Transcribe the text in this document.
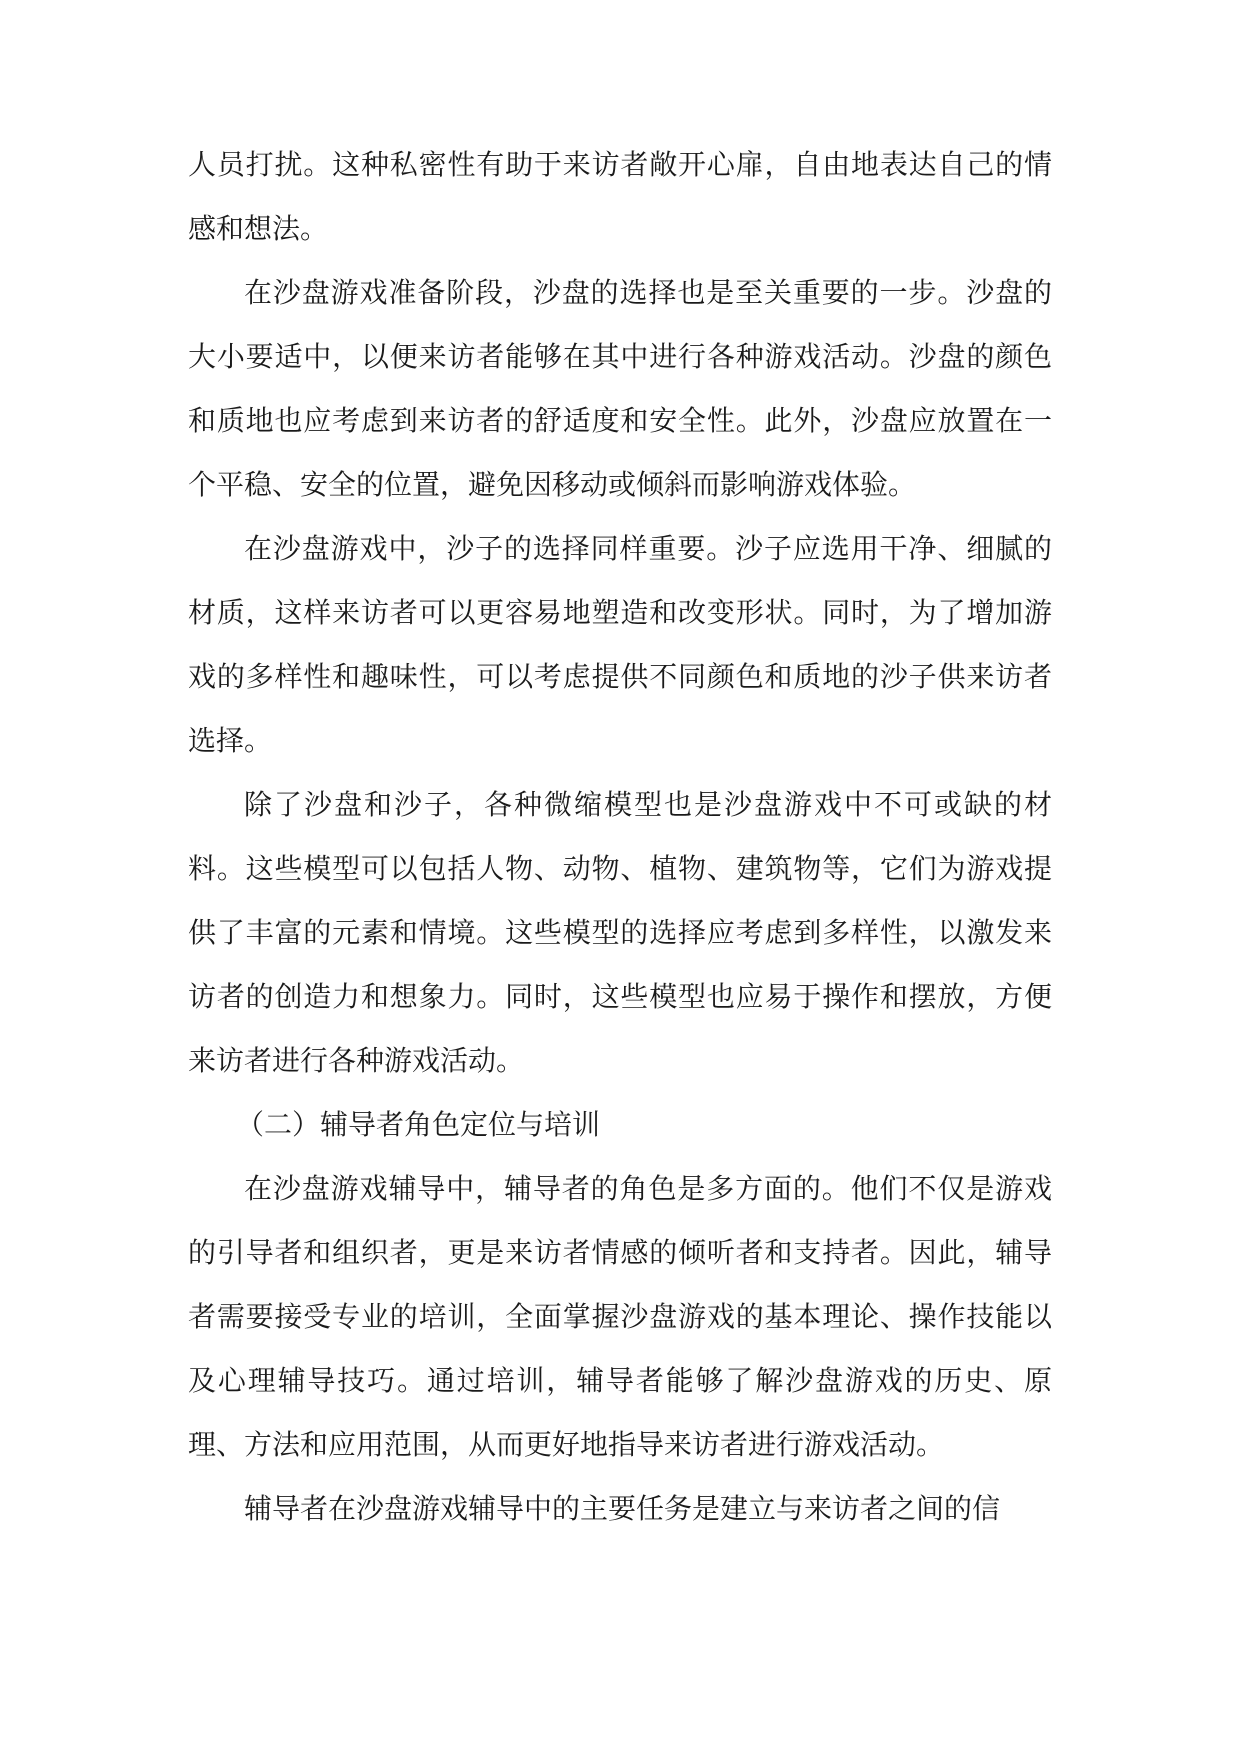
人员打扰。这种私密性有助于来访者敞开心扉，自由地表达自己的情感和想法。

在沙盘游戏准备阶段，沙盘的选择也是至关重要的一步。沙盘的大小要适中，以便来访者能够在其中进行各种游戏活动。沙盘的颜色和质地也应考虑到来访者的舒适度和安全性。此外，沙盘应放置在一个平稳、安全的位置，避免因移动或倾斜而影响游戏体验。

在沙盘游戏中，沙子的选择同样重要。沙子应选用干净、细腻的材质，这样来访者可以更容易地塑造和改变形状。同时，为了增加游戏的多样性和趣味性，可以考虑提供不同颜色和质地的沙子供来访者选择。

除了沙盘和沙子，各种微缩模型也是沙盘游戏中不可或缺的材料。这些模型可以包括人物、动物、植物、建筑物等，它们为游戏提供了丰富的元素和情境。这些模型的选择应考虑到多样性，以激发来访者的创造力和想象力。同时，这些模型也应易于操作和摆放，方便来访者进行各种游戏活动。

（二）辅导者角色定位与培训

在沙盘游戏辅导中，辅导者的角色是多方面的。他们不仅是游戏的引导者和组织者，更是来访者情感的倾听者和支持者。因此，辅导者需要接受专业的培训，全面掌握沙盘游戏的基本理论、操作技能以及心理辅导技巧。通过培训，辅导者能够了解沙盘游戏的历史、原理、方法和应用范围，从而更好地指导来访者进行游戏活动。

辅导者在沙盘游戏辅导中的主要任务是建立与来访者之间的信
